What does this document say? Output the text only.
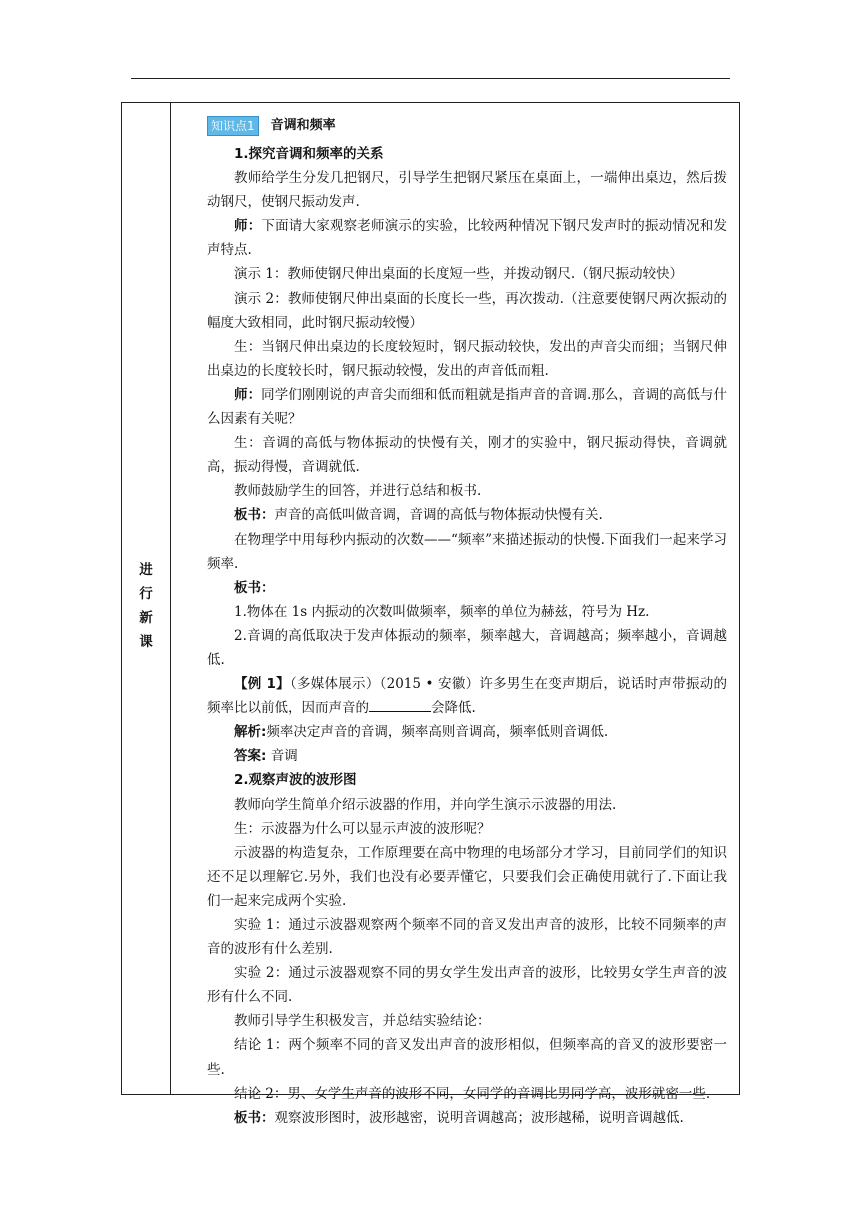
进
行
新
课
知识点1	音调和频率

1.探究音调和频率的关系

教师给学生分发几把钢尺，引导学生把钢尺紧压在桌面上，一端伸出桌边，然后拨动钢尺，使钢尺振动发声.

师：下面请大家观察老师演示的实验，比较两种情况下钢尺发声时的振动情况和发声特点.

演示 1：教师使钢尺伸出桌面的长度短一些，并拨动钢尺.（钢尺振动较快）

演示 2：教师使钢尺伸出桌面的长度长一些，再次拨动.（注意要使钢尺两次振动的幅度大致相同，此时钢尺振动较慢）

生：当钢尺伸出桌边的长度较短时，钢尺振动较快，发出的声音尖而细；当钢尺伸出桌边的长度较长时，钢尺振动较慢，发出的声音低而粗.

师：同学们刚刚说的声音尖而细和低而粗就是指声音的音调.那么，音调的高低与什么因素有关呢？

生：音调的高低与物体振动的快慢有关，刚才的实验中，钢尺振动得快，音调就高，振动得慢，音调就低.

教师鼓励学生的回答，并进行总结和板书.

板书：声音的高低叫做音调，音调的高低与物体振动快慢有关.

在物理学中用每秒内振动的次数——“频率”来描述振动的快慢.下面我们一起来学习频率.

板书：

1.物体在 1s 内振动的次数叫做频率，频率的单位为赫兹，符号为 Hz.

2.音调的高低取决于发声体振动的频率，频率越大，音调越高；频率越小，音调越低.

【例 1】（多媒体展示）（2015 • 安徽）许多男生在变声期后，说话时声带振动的频率比以前低，因而声音的	会降低.

解析:频率决定声音的音调，频率高则音调高，频率低则音调低.

答案: 音调

2.观察声波的波形图

教师向学生简单介绍示波器的作用，并向学生演示示波器的用法.

生：示波器为什么可以显示声波的波形呢？

示波器的构造复杂，工作原理要在高中物理的电场部分才学习，目前同学们的知识还不足以理解它.另外，我们也没有必要弄懂它，只要我们会正确使用就行了.下面让我们一起来完成两个实验.

实验 1：通过示波器观察两个频率不同的音叉发出声音的波形，比较不同频率的声音的波形有什么差别.

实验 2：通过示波器观察不同的男女学生发出声音的波形，比较男女学生声音的波形有什么不同.

教师引导学生积极发言，并总结实验结论：

结论 1：两个频率不同的音叉发出声音的波形相似，但频率高的音叉的波形要密一些.

结论 2：男、女学生声音的波形不同，女同学的音调比男同学高，波形就密一些.

板书：观察波形图时，波形越密，说明音调越高；波形越稀，说明音调越低.
